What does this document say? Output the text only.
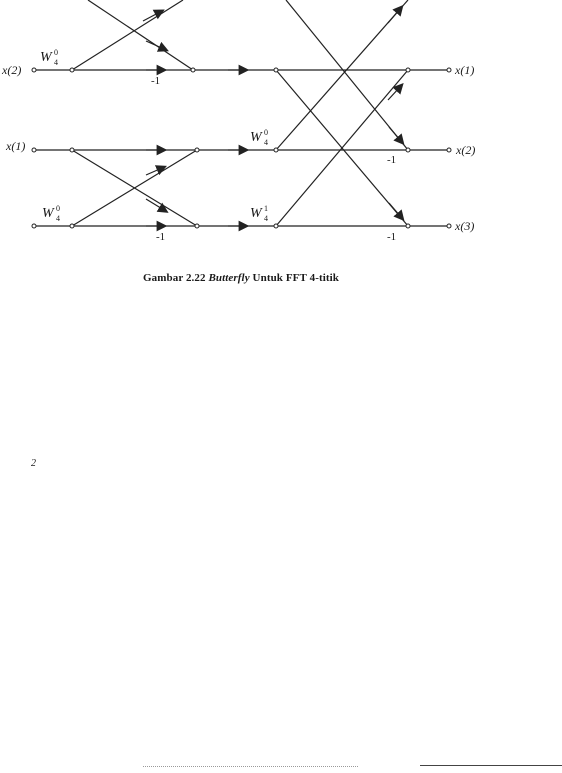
x(2)
x(1)
x(1)
x(2)
x(3)
-1
-1
-1
-1
W 0
4
W 0
4
W 0
4
W 1
4
Gambar 2.22 Butterfly Untuk FFT 4-titik
2
